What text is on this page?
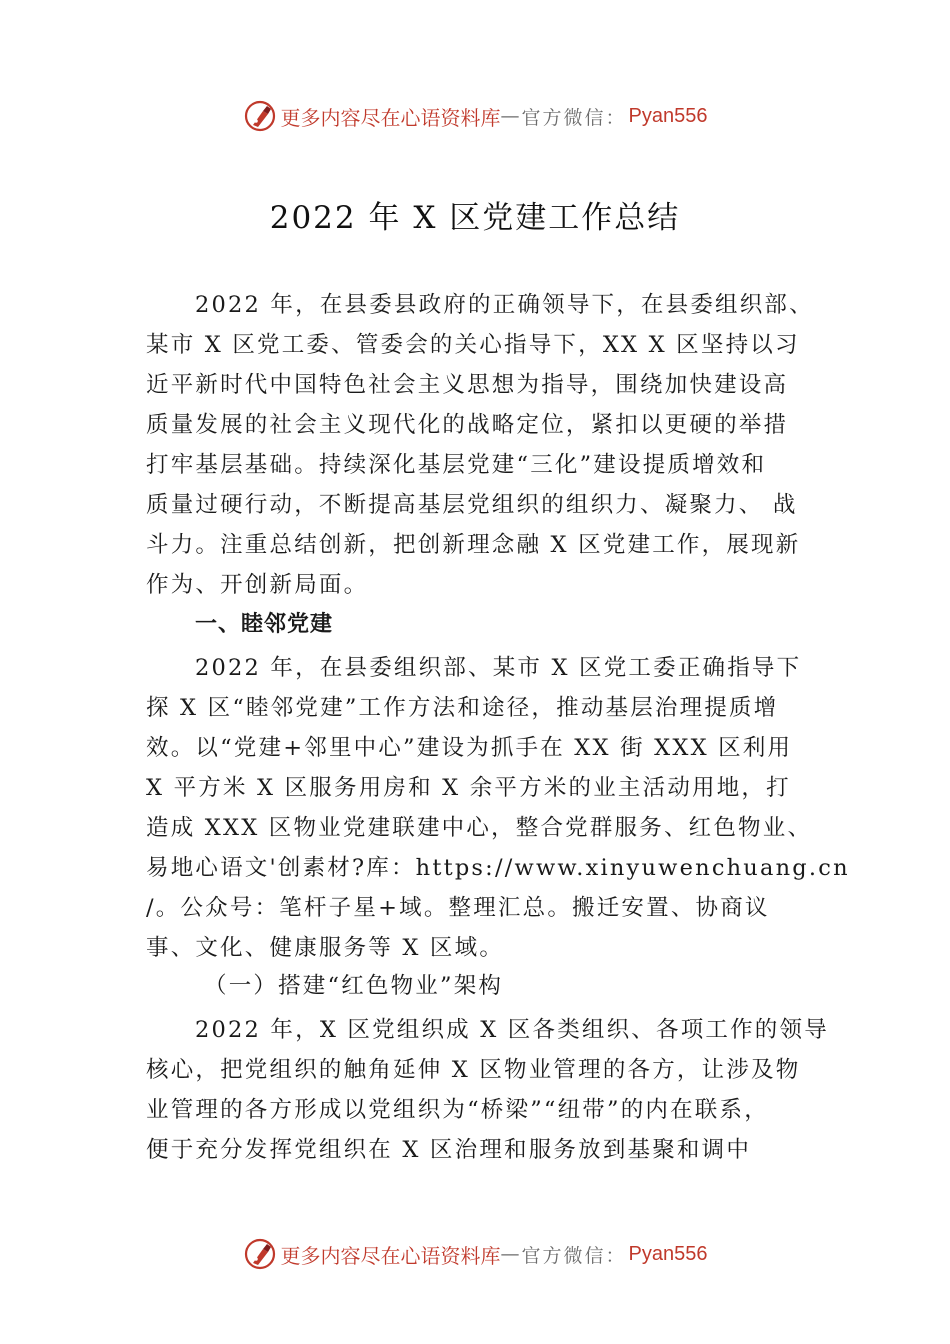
更多内容尽在心语资料库 — 官方微信： Pyan556
2022 年 X 区党建工作总结
2022 年，在县委县政府的正确领导下，在县委组织部、
某市 X 区党工委、管委会的关心指导下，XX X 区坚持以习
近平新时代中国特色社会主义思想为指导，围绕加快建设高
质量发展的社会主义现代化的战略定位，紧扣以更硬的举措
打牢基层基础。持续深化基层党建“三化”建设提质增效和
质量过硬行动，不断提高基层党组织的组织力、凝聚力、 战
斗力。注重总结创新，把创新理念融 X 区党建工作，展现新
作为、开创新局面。
一、睦邻党建
2022 年，在县委组织部、某市 X 区党工委正确指导下
探 X 区“睦邻党建”工作方法和途径，推动基层治理提质增
效。以“党建+邻里中心”建设为抓手在 XX 街 XXX 区利用
X 平方米 X 区服务用房和 X 余平方米的业主活动用地，打
造成 XXX 区物业党建联建中心，整合党群服务、红色物业、
易地心语文'创素材?库：https://www.xinyuwenchuang.cn
/。公众号：笔杆子星+域。整理汇总。搬迁安置、协商议
事、文化、健康服务等 X 区域。
（一）搭建“红色物业”架构
2022 年，X 区党组织成 X 区各类组织、各项工作的领导
核心，把党组织的触角延伸 X 区物业管理的各方，让涉及物
业管理的各方形成以党组织为“桥梁”“纽带”的内在联系，
便于充分发挥党组织在 X 区治理和服务放到基聚和调中
更多内容尽在心语资料库 — 官方微信： Pyan556
